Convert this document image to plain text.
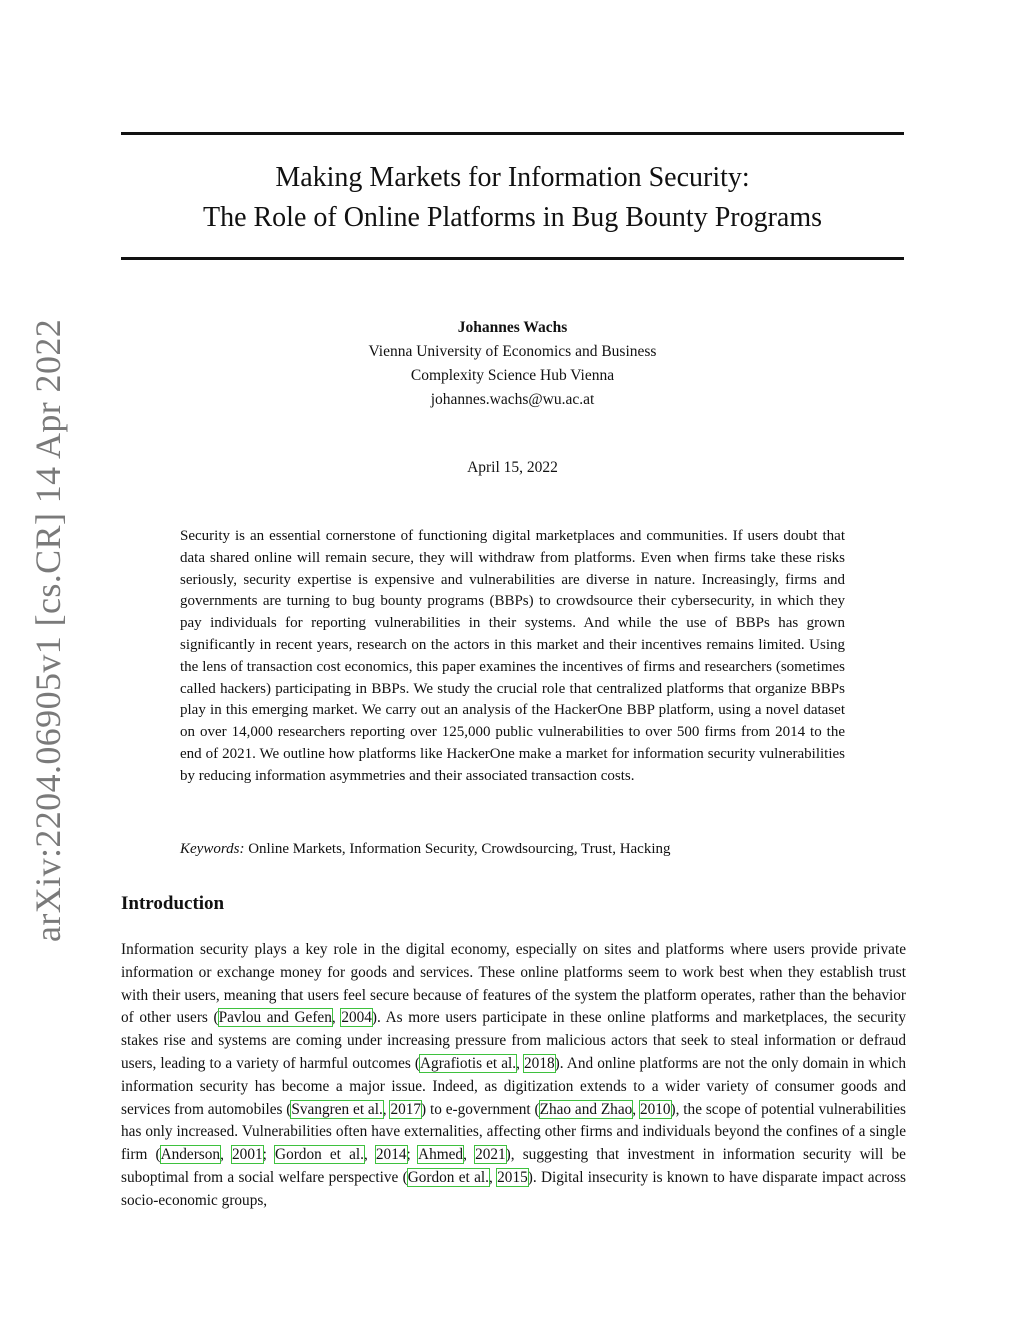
arXiv:2204.06905v1 [cs.CR] 14 Apr 2022
Making Markets for Information Security:
The Role of Online Platforms in Bug Bounty Programs
Johannes Wachs
Vienna University of Economics and Business
Complexity Science Hub Vienna
johannes.wachs@wu.ac.at
April 15, 2022
Security is an essential cornerstone of functioning digital marketplaces and communities. If users doubt that data shared online will remain secure, they will withdraw from platforms. Even when firms take these risks seriously, security expertise is expensive and vulnerabilities are diverse in nature. Increasingly, firms and governments are turning to bug bounty programs (BBPs) to crowdsource their cybersecurity, in which they pay individuals for reporting vulnerabilities in their systems. And while the use of BBPs has grown significantly in recent years, research on the actors in this market and their incentives remains limited. Using the lens of transaction cost economics, this paper examines the incentives of firms and researchers (sometimes called hackers) participating in BBPs. We study the crucial role that centralized platforms that organize BBPs play in this emerging market. We carry out an analysis of the HackerOne BBP platform, using a novel dataset on over 14,000 researchers reporting over 125,000 public vulnerabilities to over 500 firms from 2014 to the end of 2021. We outline how platforms like HackerOne make a market for information security vulnerabilities by reducing information asymmetries and their associated transaction costs.
Keywords: Online Markets, Information Security, Crowdsourcing, Trust, Hacking
Introduction
Information security plays a key role in the digital economy, especially on sites and platforms where users provide private information or exchange money for goods and services. These online platforms seem to work best when they establish trust with their users, meaning that users feel secure because of features of the system the platform operates, rather than the behavior of other users (Pavlou and Gefen, 2004). As more users participate in these online platforms and marketplaces, the security stakes rise and systems are coming under increasing pressure from malicious actors that seek to steal information or defraud users, leading to a variety of harmful outcomes (Agrafiotis et al., 2018). And online platforms are not the only domain in which information security has become a major issue. Indeed, as digitization extends to a wider variety of consumer goods and services from automobiles (Svangren et al., 2017) to e-government (Zhao and Zhao, 2010), the scope of potential vulnerabilities has only increased. Vulnerabilities often have externalities, affecting other firms and individuals beyond the confines of a single firm (Anderson, 2001; Gordon et al., 2014; Ahmed, 2021), suggesting that investment in information security will be suboptimal from a social welfare perspective (Gordon et al., 2015). Digital insecurity is known to have disparate impact across socio-economic groups,
